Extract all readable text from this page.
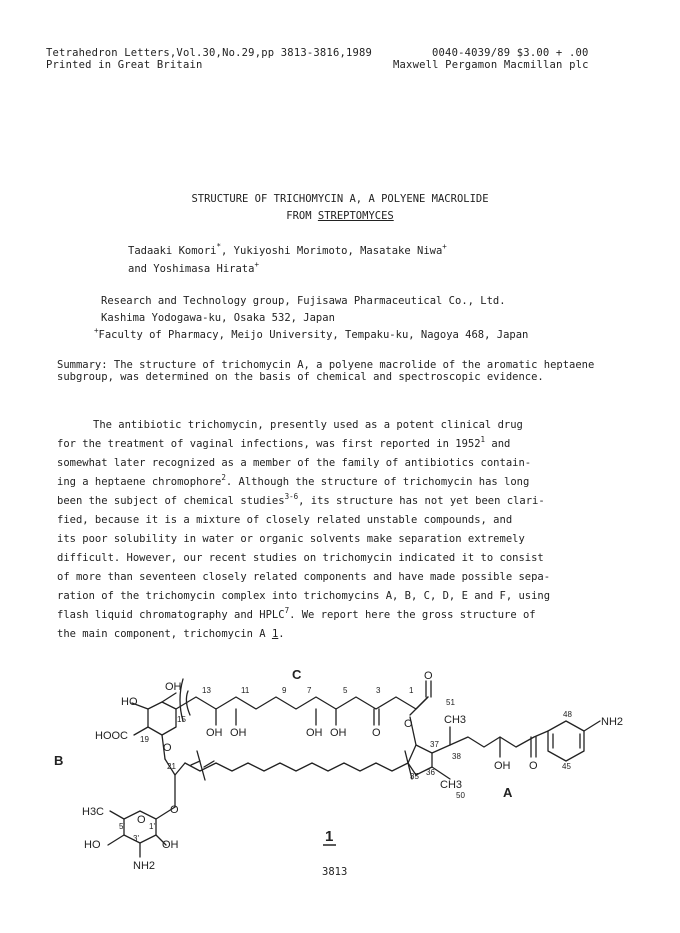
Tetrahedron Letters,Vol.30,No.29,pp 3813-3816,1989	0040-4039/89 $3.00 + .00
Printed in Great Britain	Maxwell Pergamon Macmillan plc
STRUCTURE OF TRICHOMYCIN A, A POLYENE MACROLIDE
FROM STREPTOMYCES
Tadaaki Komori*, Yukiyoshi Morimoto, Masatake Niwa+
and Yoshimasa Hirata+
Research and Technology group, Fujisawa Pharmaceutical Co., Ltd.
Kashima Yodogawa-ku, Osaka 532, Japan
+Faculty of Pharmacy, Meijo University, Tempaku-ku, Nagoya 468, Japan
Summary: The structure of trichomycin A, a polyene macrolide of the aromatic heptaene subgroup, was determined on the basis of chemical and spectroscopic evidence.
The antibiotic trichomycin, presently used as a potent clinical drug
for the treatment of vaginal infections, was first reported in 1952$^1$ and
somewhat later recognized as a member of the family of antibiotics contain-
ing a heptaene chromophore$^2$. Although the structure of trichomycin has long
been the subject of chemical studies$^{3-6}$, its structure has not yet been clari-
fied, because it is a mixture of closely related unstable compounds, and
its poor solubility in water or organic solvents make separation extremely
difficult. However, our recent studies on trichomycin indicated it to consist
of more than seventeen closely related components and have made possible sepa-
ration of the trichomycin complex into trichomycins A, B, C, D, E and F, using
flash liquid chromatography and HPLC$^7$. We report here the gross structure of
the main component, trichomycin A 1.
HO
OH
HOOC
O
O
O
H3C
HO
NH2
OH
OH OH	OH OH O
O
O	CH3
CH3
OH O
NH2
13	11	9	7	5	3	1
15
19
21
35 36
37
38
45
48
50
51
5'	1'
3'
C
B
A
1
3813
